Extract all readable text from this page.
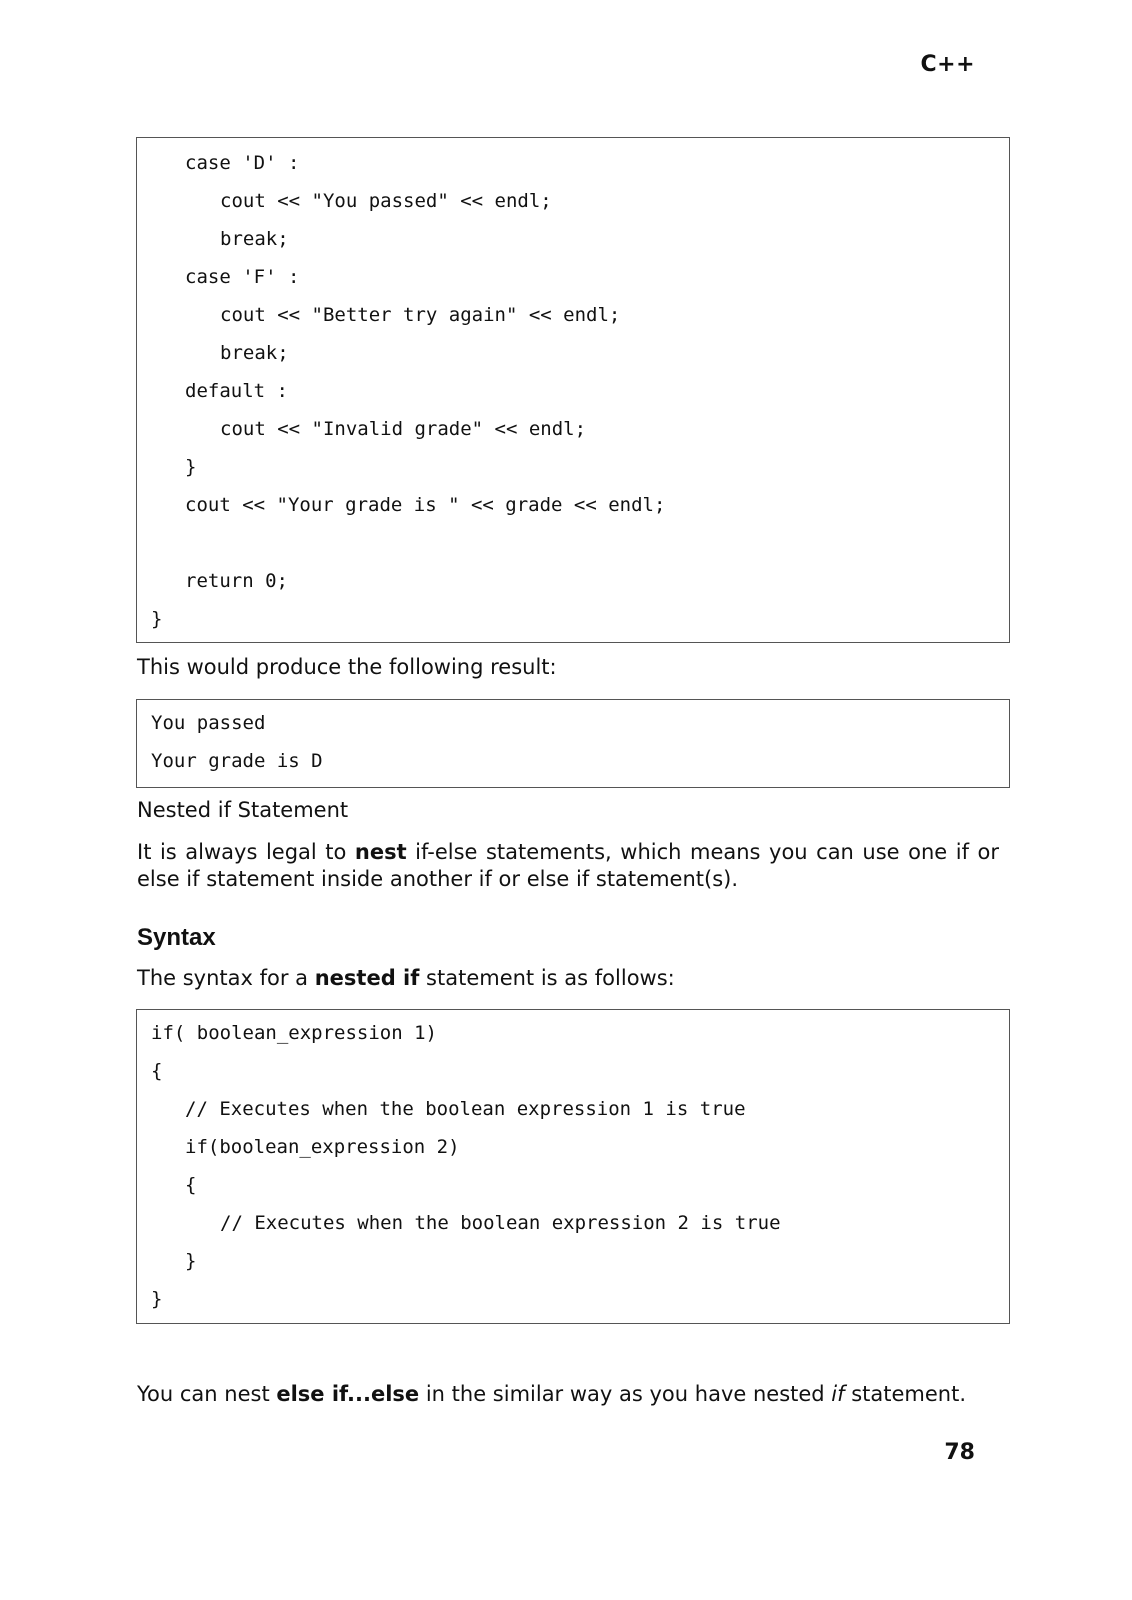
C++
case 'D' :
cout << "You passed" << endl;
break;
case 'F' :
cout << "Better try again" << endl;
break;
default :
cout << "Invalid grade" << endl;
}
cout << "Your grade is " << grade << endl;
return 0;
}
This would produce the following result:
You passed
Your grade is D
Nested if Statement
It is always legal to nest if-else statements, which means you can use one if or else if statement inside another if or else if statement(s).
Syntax
The syntax for a nested if statement is as follows:
if( boolean_expression 1)
{
// Executes when the boolean expression 1 is true
if(boolean_expression 2)
{
// Executes when the boolean expression 2 is true
}
}
You can nest else if...else in the similar way as you have nested if statement.
78
